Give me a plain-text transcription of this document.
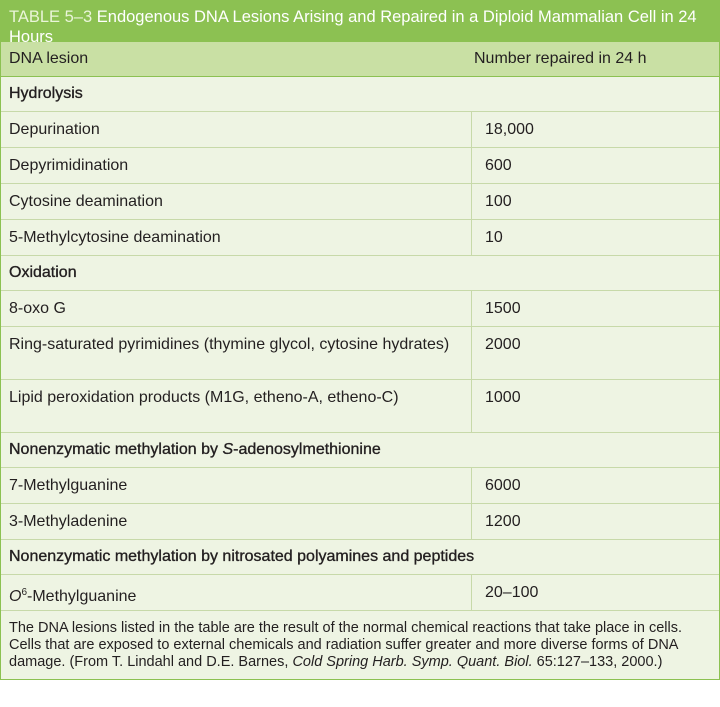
TABLE 5–3 Endogenous DNA Lesions Arising and Repaired in a Diploid Mammalian Cell in 24 Hours
DNA lesion	Number repaired in 24 h
Hydrolysis
Depurination	18,000
Depyrimidination	600
Cytosine deamination	100
5-Methylcytosine deamination	10
Oxidation
8-oxo G	1500
Ring-saturated pyrimidines (thymine glycol, cytosine hydrates)	2000
Lipid peroxidation products (M1G, etheno-A, etheno-C)	1000
Nonenzymatic methylation by S-adenosylmethionine
7-Methylguanine	6000
3-Methyladenine	1200
Nonenzymatic methylation by nitrosated polyamines and peptides
$O^6$-Methylguanine	20–100
The DNA lesions listed in the table are the result of the normal chemical reactions that take place in cells. Cells that are exposed to external chemicals and radiation suffer greater and more diverse forms of DNA damage. (From T. Lindahl and D.E. Barnes, Cold Spring Harb. Symp. Quant. Biol. 65:127–133, 2000.)
